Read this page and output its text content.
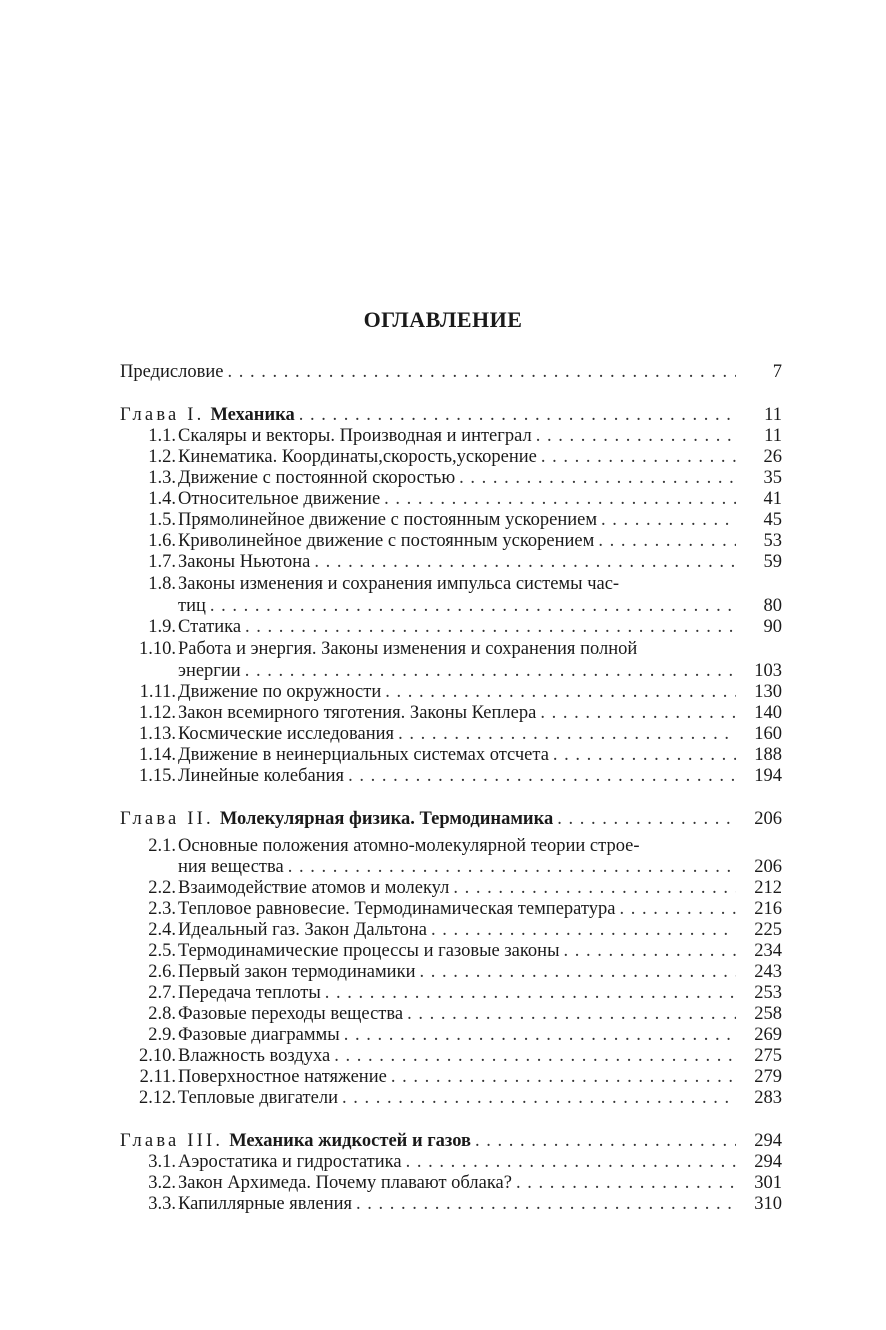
ОГЛАВЛЕНИЕ
Предисловие . . .	7
Глава I. Механика . . .	11
1.1. Скаляры и векторы. Производная и интеграл . . .	11
1.2. Кинематика. Координаты,скорость,ускорение . . .	26
1.3. Движение с постоянной скоростью . . .	35
1.4. Относительное движение . . .	41
1.5. Прямолинейное движение с постоянным ускорением . . .	45
1.6. Криволинейное движение с постоянным ускорением . . .	53
1.7. Законы Ньютона . . .	59
1.8. Законы изменения и сохранения импульса системы час-
тиц . . .	80
1.9. Статика . . .	90
1.10. Работа и энергия. Законы изменения и сохранения полной
энергии . . .	103
1.11. Движение по окружности . . .	130
1.12. Закон всемирного тяготения. Законы Кеплера . . .	140
1.13. Космические исследования . . .	160
1.14. Движение в неинерциальных системах отсчета . . .	188
1.15. Линейные колебания . . .	194
Глава II. Молекулярная физика. Термодинамика . . .	206
2.1. Основные положения атомно-молекулярной теории строе-
ния вещества . . .	206
2.2. Взаимодействие атомов и молекул . . .	212
2.3. Тепловое равновесие. Термодинамическая температура . . .	216
2.4. Идеальный газ. Закон Дальтона . . .	225
2.5. Термодинамические процессы и газовые законы . . .	234
2.6. Первый закон термодинамики . . .	243
2.7. Передача теплоты . . .	253
2.8. Фазовые переходы вещества . . .	258
2.9. Фазовые диаграммы . . .	269
2.10. Влажность воздуха . . .	275
2.11. Поверхностное натяжение . . .	279
2.12. Тепловые двигатели . . .	283
Глава III. Механика жидкостей и газов . . .	294
3.1. Аэростатика и гидростатика . . .	294
3.2. Закон Архимеда. Почему плавают облака? . . .	301
3.3. Капиллярные явления . . .	310
